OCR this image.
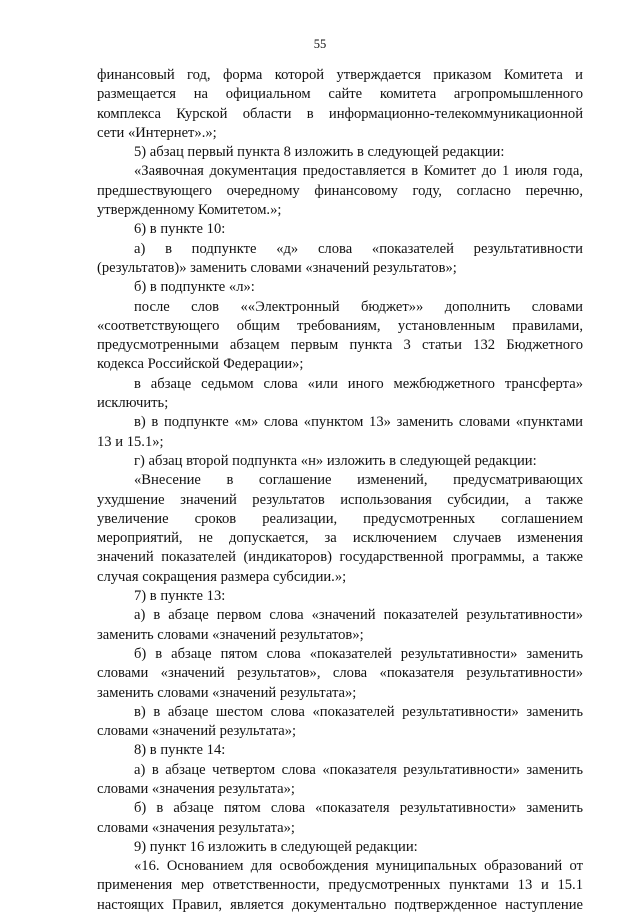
55
финансовый год, форма которой утверждается приказом Комитета и
размещается на официальном сайте комитета агропромышленного
комплекса Курской области в информационно-телекоммуникационной
сети «Интернет».»;
5) абзац первый пункта 8 изложить в следующей редакции:
«Заявочная документация предоставляется в Комитет до 1 июля года,
предшествующего очередному финансовому году, согласно перечню,
утвержденному Комитетом.»;
6) в пункте 10:
а) в подпункте «д» слова «показателей результативности
(результатов)» заменить словами «значений результатов»;
б) в подпункте «л»:
после слов ««Электронный бюджет»» дополнить словами
«соответствующего общим требованиям, установленным правилами,
предусмотренными абзацем первым пункта 3 статьи 132 Бюджетного
кодекса Российской Федерации»;
в абзаце седьмом слова «или иного межбюджетного трансферта»
исключить;
в) в подпункте «м» слова «пунктом 13» заменить словами «пунктами
13 и 15.1»;
г) абзац второй подпункта «н» изложить в следующей редакции:
«Внесение в соглашение изменений, предусматривающих
ухудшение значений результатов использования субсидии, а также
увеличение сроков реализации, предусмотренных соглашением
мероприятий, не допускается, за исключением случаев изменения
значений показателей (индикаторов) государственной программы, а также
случая сокращения размера субсидии.»;
7) в пункте 13:
а) в абзаце первом слова «значений показателей результативности»
заменить словами «значений результатов»;
б) в абзаце пятом слова «показателей результативности» заменить
словами «значений результатов», слова «показателя результативности»
заменить словами «значений результата»;
в) в абзаце шестом слова «показателей результативности» заменить
словами «значений результата»;
8) в пункте 14:
а) в абзаце четвертом слова «показателя результативности» заменить
словами «значения результата»;
б) в абзаце пятом слова «показателя результативности» заменить
словами «значения результата»;
9) пункт 16 изложить в следующей редакции:
«16. Основанием для освобождения муниципальных образований от
применения мер ответственности, предусмотренных пунктами 13 и 15.1
настоящих Правил, является документально подтвержденное наступление
